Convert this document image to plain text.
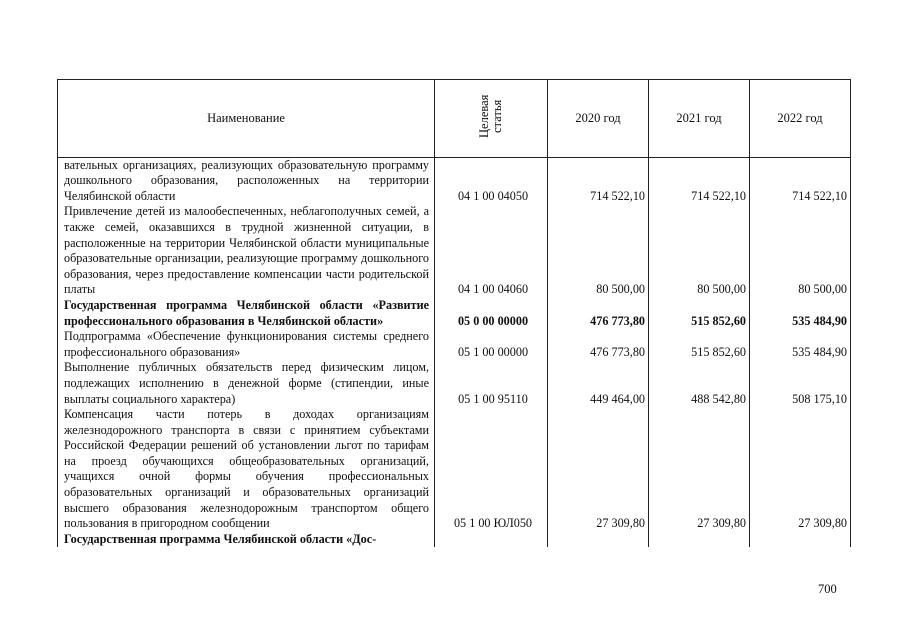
Наименование	Целевая статья	2020 год	2021 год	2022 год
вательных организациях, реализующих образовательную программу дошкольного образования, расположенных на территории Челябинской области	04 1 00 04050	714 522,10	714 522,10	714 522,10
Привлечение детей из малообеспеченных, неблагополучных семей, а также семей, оказавшихся в трудной жизненной ситуации, в расположенные на территории Челябинской области муниципальные образовательные организации, реализующие программу дошкольного образования, через предоставление компенсации части родительской платы	04 1 00 04060	80 500,00	80 500,00	80 500,00
Государственная программа Челябинской области «Развитие профессионального образования в Челябинской области»	05 0 00 00000	476 773,80	515 852,60	535 484,90
Подпрограмма «Обеспечение функционирования системы среднего профессионального образования»	05 1 00 00000	476 773,80	515 852,60	535 484,90
Выполнение публичных обязательств перед физическим лицом, подлежащих исполнению в денежной форме (стипендии, иные выплаты социального характера)	05 1 00 95110	449 464,00	488 542,80	508 175,10
Компенсация части потерь в доходах организациям железнодорожного транспорта в связи с принятием субъектами Российской Федерации решений об установлении льгот по тарифам на проезд обучающихся общеобразовательных организаций, учащихся очной формы обучения профессиональных образовательных организаций и образовательных организаций высшего образования железнодорожным транспортом общего пользования в пригородном сообщении	05 1 00 ЮЛ050	27 309,80	27 309,80	27 309,80
Государственная программа Челябинской области «Дос-				
700
